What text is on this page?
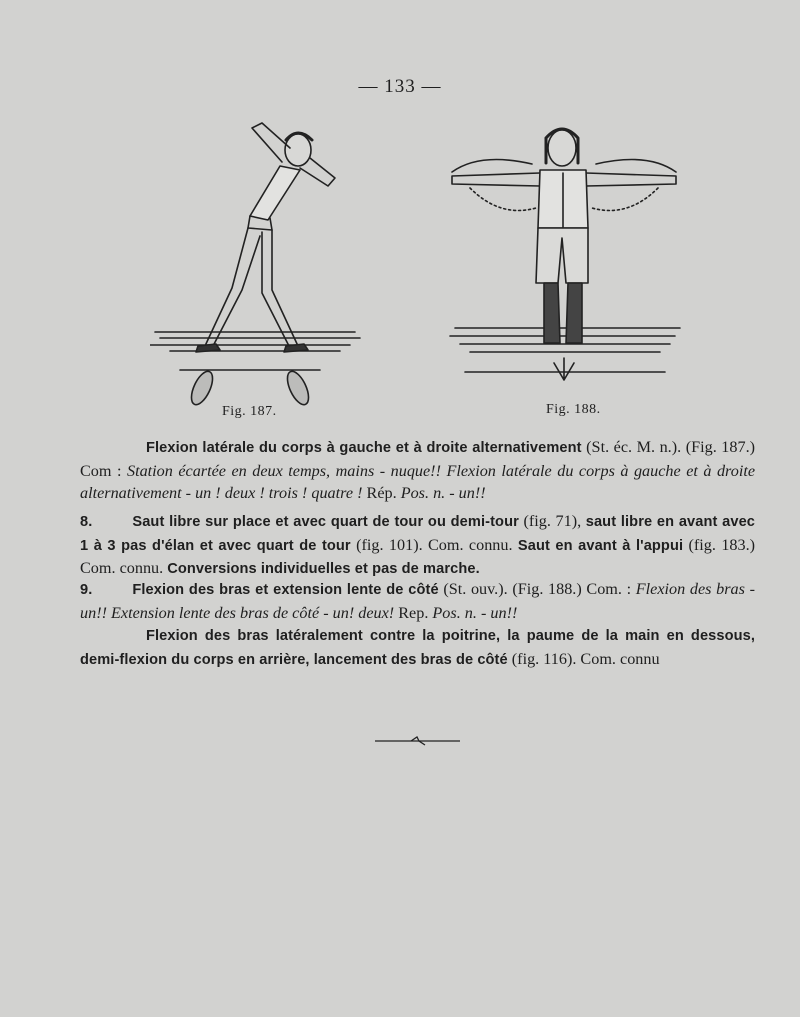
— 133 —
Fig. 187.	Fig. 188.
Flexion latérale du corps à gauche et à droite alternativement (St. éc. M. n.). (Fig. 187.) Com : Station écartée en deux temps, mains - nuque!! Flexion latérale du corps à gauche et à droite alternativement - un ! deux ! trois ! quatre ! Rép. Pos. n. - un!!
8.	Saut libre sur place et avec quart de tour ou demi-tour (fig. 71), saut libre en avant avec 1 à 3 pas d'élan et avec quart de tour (fig. 101). Com. connu. Saut en avant à l'appui (fig. 183.) Com. connu. Conversions individuelles et pas de marche.
9.	Flexion des bras et extension lente de côté (St. ouv.). (Fig. 188.) Com. : Flexion des bras - un!! Extension lente des bras de côté - un! deux! Rep. Pos. n. - un!!
Flexion des bras latéralement contre la poitrine, la paume de la main en dessous, demi-flexion du corps en arrière, lancement des bras de côté (fig. 116). Com. connu
